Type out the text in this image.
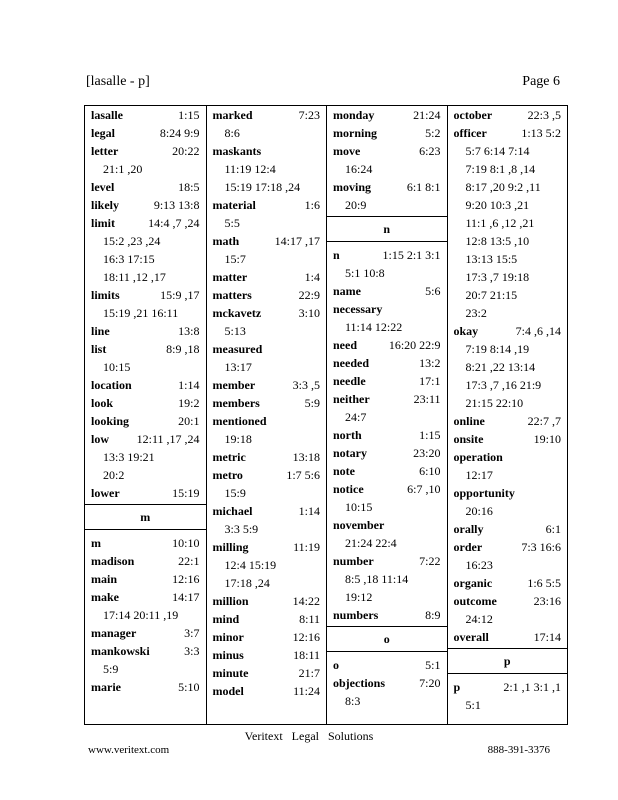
[lasalle - p]	Page 6
lasalle	1:15
legal	8:24 9:9
letter	20:22
21:1 ,20
level	18:5
likely	9:13 13:8
limit	14:4 ,7 ,24
15:2 ,23 ,24
16:3 17:15
18:11 ,12 ,17
limits	15:9 ,17
15:19 ,21 16:11
line	13:8
list	8:9 ,18
10:15
location	1:14
look	19:2
looking	20:1
low	12:11 ,17 ,24
13:3 19:21
20:2
lower	15:19
m
m	10:10
madison	22:1
main	12:16
make	14:17
17:14 20:11 ,19
manager	3:7
mankowski	3:3
5:9
marie	5:10
marked	7:23
8:6
maskants
11:19 12:4
15:19 17:18 ,24
material	1:6
5:5
math	14:17 ,17
15:7
matter	1:4
matters	22:9
mckavetz	3:10
5:13
measured
13:17
member	3:3 ,5
members	5:9
mentioned
19:18
metric	13:18
metro	1:7 5:6
15:9
michael	1:14
3:3 5:9
milling	11:19
12:4 15:19
17:18 ,24
million	14:22
mind	8:11
minor	12:16
minus	18:11
minute	21:7
model	11:24
monday	21:24
morning	5:2
move	6:23
16:24
moving	6:1 8:1
20:9
n
n	1:15 2:1 3:1
5:1 10:8
name	5:6
necessary
11:14 12:22
need	16:20 22:9
needed	13:2
needle	17:1
neither	23:11
24:7
north	1:15
notary	23:20
note	6:10
notice	6:7 ,10
10:15
november
21:24 22:4
number	7:22
8:5 ,18 11:14
19:12
numbers	8:9
o
o	5:1
objections	7:20
8:3
october	22:3 ,5
officer	1:13 5:2
5:7 6:14 7:14
7:19 8:1 ,8 ,14
8:17 ,20 9:2 ,11
9:20 10:3 ,21
11:1 ,6 ,12 ,21
12:8 13:5 ,10
13:13 15:5
17:3 ,7 19:18
20:7 21:15
23:2
okay	7:4 ,6 ,14
7:19 8:14 ,19
8:21 ,22 13:14
17:3 ,7 ,16 21:9
21:15 22:10
online	22:7 ,7
onsite	19:10
operation
12:17
opportunity
20:16
orally	6:1
order	7:3 16:6
16:23
organic	1:6 5:5
outcome	23:16
24:12
overall	17:14
p
p	2:1 ,1 3:1 ,1
5:1
Veritext Legal Solutions
www.veritext.com	888-391-3376
